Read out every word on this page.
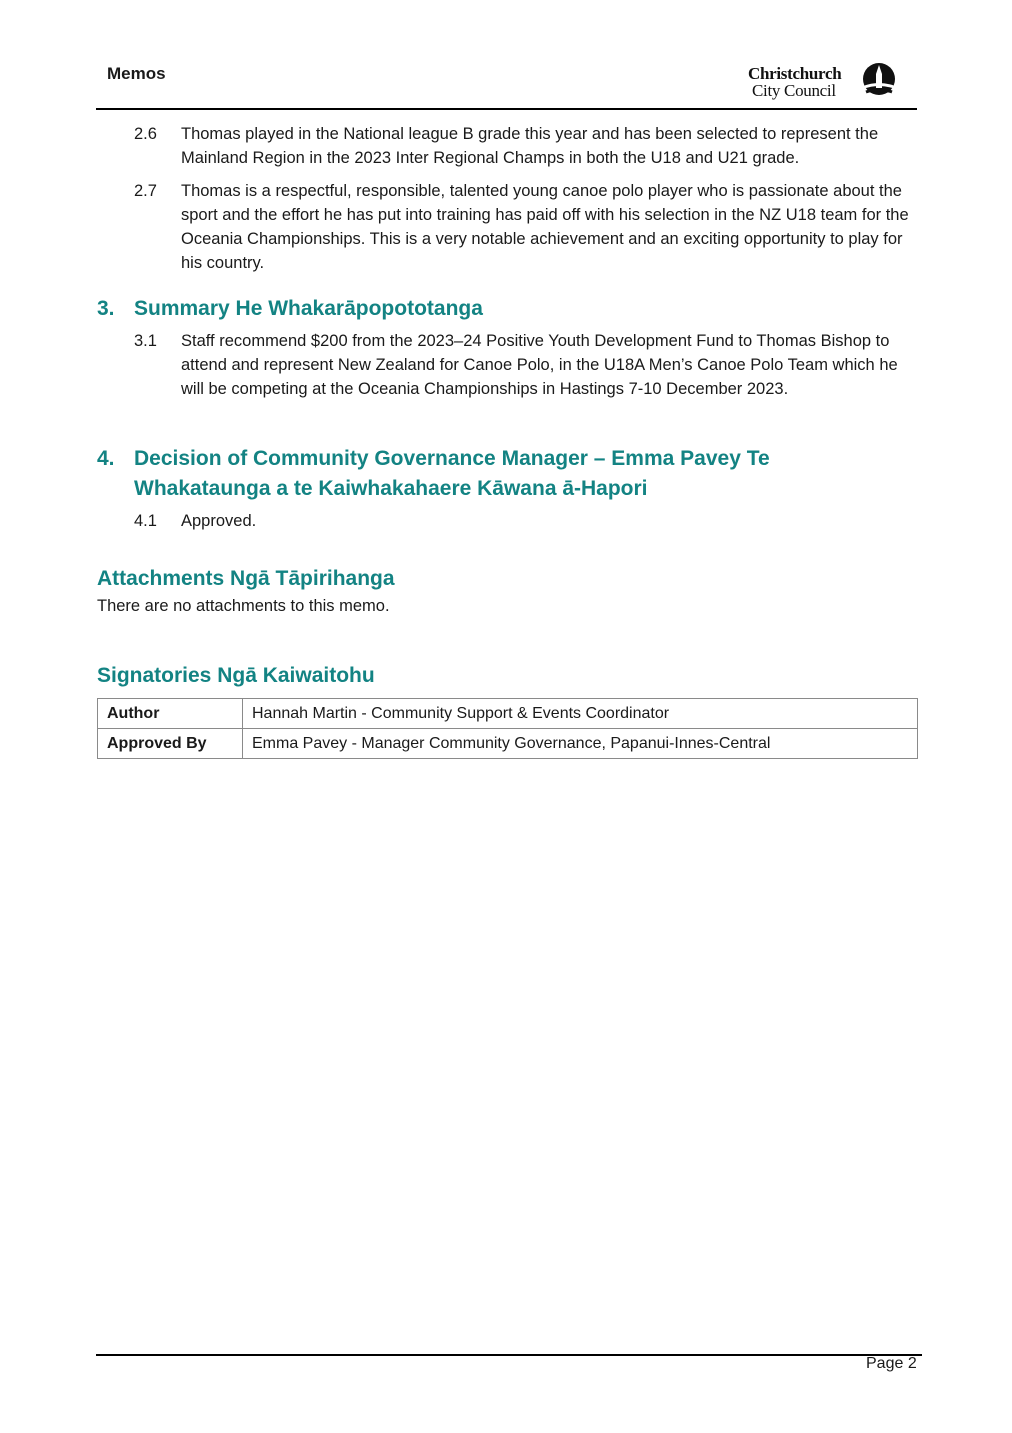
Memos	Christchurch
City Council
2.6 Thomas played in the National league B grade this year and has been selected to represent the Mainland Region in the 2023 Inter Regional Champs in both the U18 and U21 grade.
2.7 Thomas is a respectful, responsible, talented young canoe polo player who is passionate about the sport and the effort he has put into training has paid off with his selection in the NZ U18 team for the Oceania Championships. This is a very notable achievement and an exciting opportunity to play for his country.
3. Summary He Whakarāpopototanga
3.1 Staff recommend $200 from the 2023–24 Positive Youth Development Fund to Thomas Bishop to attend and represent New Zealand for Canoe Polo, in the U18A Men’s Canoe Polo Team which he will be competing at the Oceania Championships in Hastings 7-10 December 2023.
4. Decision of Community Governance Manager – Emma Pavey Te Whakataunga a te Kaiwhakahaere Kāwana ā-Hapori
4.1 Approved.
Attachments Ngā Tāpirihanga
There are no attachments to this memo.
Signatories Ngā Kaiwaitohu
Author	Hannah Martin - Community Support & Events Coordinator
Approved By	Emma Pavey - Manager Community Governance, Papanui-Innes-Central
Page 2
